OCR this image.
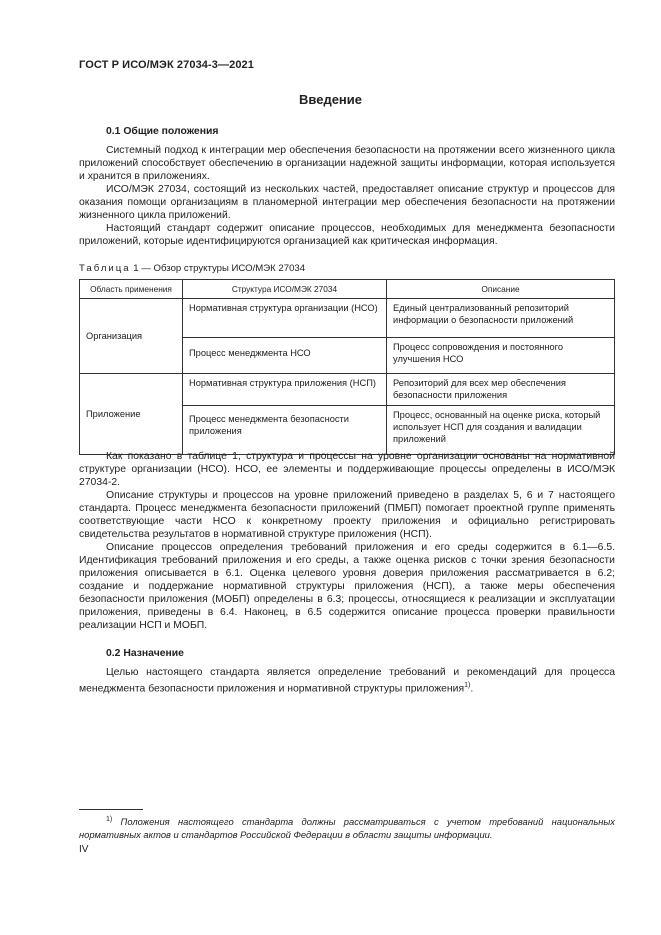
ГОСТ Р ИСО/МЭК 27034-3—2021
Введение
0.1 Общие положения

Системный подход к интеграции мер обеспечения безопасности на протяжении всего жизненного цикла приложений способствует обеспечению в организации надежной защиты информации, которая используется и хранится в приложениях.

ИСО/МЭК 27034, состоящий из нескольких частей, предоставляет описание структур и процессов для оказания помощи организациям в планомерной интеграции мер обеспечения безопасности на протяжении жизненного цикла приложений.

Настоящий стандарт содержит описание процессов, необходимых для менеджмента безопасности приложений, которые идентифицируются организацией как критическая информация.

Таблица 1 — Обзор структуры ИСО/МЭК 27034
Область применения	Структура ИСО/МЭК 27034	Описание
Организация	Нормативная структура организации (НСО)	Единый централизованный репозиторий информации о безопасности приложений
	Процесс менеджмента НСО	Процесс сопровождения и постоянного улучшения НСО
Приложение	Нормативная структура приложения (НСП)	Репозиторий для всех мер обеспечения безопасности приложения
	Процесс менеджмента безопасности приложения	Процесс, основанный на оценке риска, который использует НСП для создания и валидации приложений

Как показано в таблице 1, структура и процессы на уровне организации основаны на нормативной структуре организации (НСО). НСО, ее элементы и поддерживающие процессы определены в ИСО/МЭК 27034-2.

Описание структуры и процессов на уровне приложений приведено в разделах 5, 6 и 7 настоящего стандарта. Процесс менеджмента безопасности приложений (ПМБП) помогает проектной группе применять соответствующие части НСО к конкретному проекту приложения и официально регистрировать свидетельства результатов в нормативной структуре приложения (НСП).

Описание процессов определения требований приложения и его среды содержится в 6.1—6.5. Идентификация требований приложения и его среды, а также оценка рисков с точки зрения безопасности приложения описывается в 6.1. Оценка целевого уровня доверия приложения рассматривается в 6.2; создание и поддержание нормативной структуры приложения (НСП), а также меры обеспечения безопасности приложения (МОБП) определены в 6.3; процессы, относящиеся к реализации и эксплуатации приложения, приведены в 6.4. Наконец, в 6.5 содержится описание процесса проверки правильности реализации НСП и МОБП.

0.2 Назначение

Целью настоящего стандарта является определение требований и рекомендаций для процесса менеджмента безопасности приложения и нормативной структуры приложения$^{1)}$.

$^{1)}$ Положения настоящего стандарта должны рассматриваться с учетом требований национальных нормативных актов и стандартов Российской Федерации в области защиты информации.
IV
